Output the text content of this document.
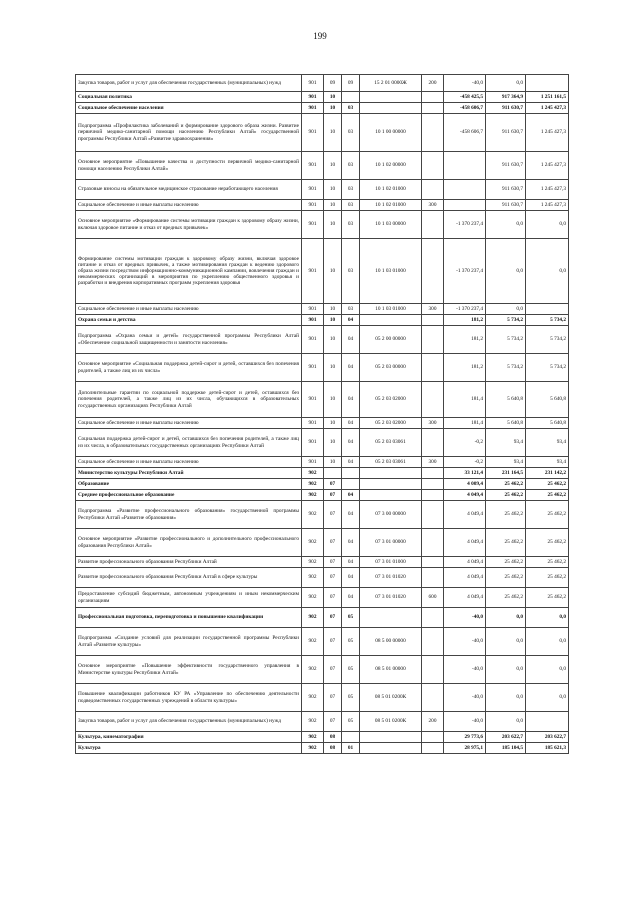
199
Закупка товаров, работ и услуг для обеспечения государственных (муниципальных) нужд	901	09	09	15 2 01 0000Ж	200	-40,0	0,0	
Социальная политика	901	10				-458 425,5	917 364,9	1 251 161,5
Социальное обеспечение населения	901	10	03			-458 606,7	911 630,7	1 245 427,3
Подпрограмма «Профилактика заболеваний и формирование здорового образа жизни. Развитие первичной медико-санитарной помощи населению Республики Алтай» государственной программы Республики Алтай «Развитие здравоохранения»	901	10	03	10 1 00 00000		-458 606,7	911 630,7	1 245 427,3
Основное мероприятие «Повышение качества и доступности первичной медико-санитарной помощи населению Республики Алтай»	901	10	03	10 1 02 00000			911 630,7	1 245 427,3
Страховые взносы на обязательное медицинское страхование неработающего населения	901	10	03	10 1 02 01000			911 630,7	1 245 427,3
Социальное обеспечение и иные выплаты населению	901	10	03	10 1 02 01000	300		911 630,7	1 245 427,3
Основное мероприятие «Формирование системы мотивации граждан к здоровому образу жизни, включая здоровое питание и отказ от вредных привычек»	901	10	03	10 1 03 00000		-1 370 237,4	0,0	0,0
Формирование системы мотивации граждан к здоровому образу жизни, включая здоровое питание и отказ от вредных привычек, а также мотивирования граждан к ведению здорового образа жизни посредством информационно-коммуникационной кампании, вовлечения граждан и некоммерческих организаций в мероприятия по укреплению общественного здоровья и разработки и внедрения корпоративных программ укрепления здоровья	901	10	03	10 1 03 01000		-1 370 237,4	0,0	0,0
Социальное обеспечение и иные выплаты населению	901	10	03	10 1 03 01000	300	-1 370 237,4	0,0	
Охрана семьи и детства	901	10	04			181,2	5 734,2	5 734,2
Подпрограмма «Охрана семьи и детей» государственной программы Республики Алтай «Обеспечение социальной защищенности и занятости населения»	901	10	04	05 2 00 00000		181,2	5 734,2	5 734,2
Основное мероприятие «Социальная поддержка детей-сирот и детей, оставшихся без попечения родителей, а также лиц из их числа»	901	10	04	05 2 03 00000		181,2	5 734,2	5 734,2
Дополнительные гарантии по социальной поддержке детей-сирот и детей, оставшихся без попечения родителей, а также лиц из их числа, обучающихся в образовательных государственных организациях Республики Алтай	901	10	04	05 2 03 02000		181,4	5 640,8	5 640,8
Социальное обеспечение и иные выплаты населению	901	10	04	05 2 03 02000	300	181,4	5 640,8	5 640,8
Социальная поддержка детей-сирот и детей, оставшихся без попечения родителей, а также лиц из их числа, в образовательных государственных организациях Республики Алтай	901	10	04	05 2 03 03061		-0,2	93,4	93,4
Социальное обеспечение и иные выплаты населению	901	10	04	05 2 03 03061	300	-0,2	93,4	93,4
Министерство культуры Республики Алтай	902					33 121,4	231 164,5	231 142,2
Образование	902	07				4 009,4	25 462,2	25 462,2
Среднее профессиональное образование	902	07	04			4 049,4	25 462,2	25 462,2
Подпрограмма «Развитие профессионального образования» государственной программы Республики Алтай «Развитие образования»	902	07	04	07 3 00 00000		4 049,4	25 462,2	25 462,2
Основное мероприятие «Развитие профессионального и дополнительного профессионального образования Республики Алтай»	902	07	04	07 3 01 00000		4 049,4	25 462,2	25 462,2
Развитие профессионального образования Республики Алтай	902	07	04	07 3 01 01000		4 049,4	25 462,2	25 462,2
Развитие профессионального образования Республики Алтай в сфере культуры	902	07	04	07 3 01 01020		4 049,4	25 462,2	25 462,2
Предоставление субсидий бюджетным, автономным учреждениям и иным некоммерческим организациям	902	07	04	07 3 01 01020	600	4 049,4	25 462,2	25 462,2
Профессиональная подготовка, переподготовка и повышение квалификации	902	07	05			-40,0	0,0	0,0
Подпрограмма «Создание условий для реализации государственной программы Республики Алтай «Развитие культуры»	902	07	05	08 5 00 00000		-40,0	0,0	0,0
Основное мероприятие «Повышение эффективности государственного управления в Министерстве культуры Республики Алтай»	902	07	05	08 5 01 00000		-40,0	0,0	0,0
Повышение квалификации работников КУ РА «Управление по обеспечению деятельности подведомственных государственных учреждений в области культуры»	902	07	05	08 5 01 0200К		-40,0	0,0	0,0
Закупка товаров, работ и услуг для обеспечения государственных (муниципальных) нужд	902	07	05	08 5 01 0200К	200	-40,0	0,0	
Культура, кинематография	902	08				29 773,6	203 622,7	203 622,7
Культура	902	08	01			28 975,1	185 104,5	185 621,3
